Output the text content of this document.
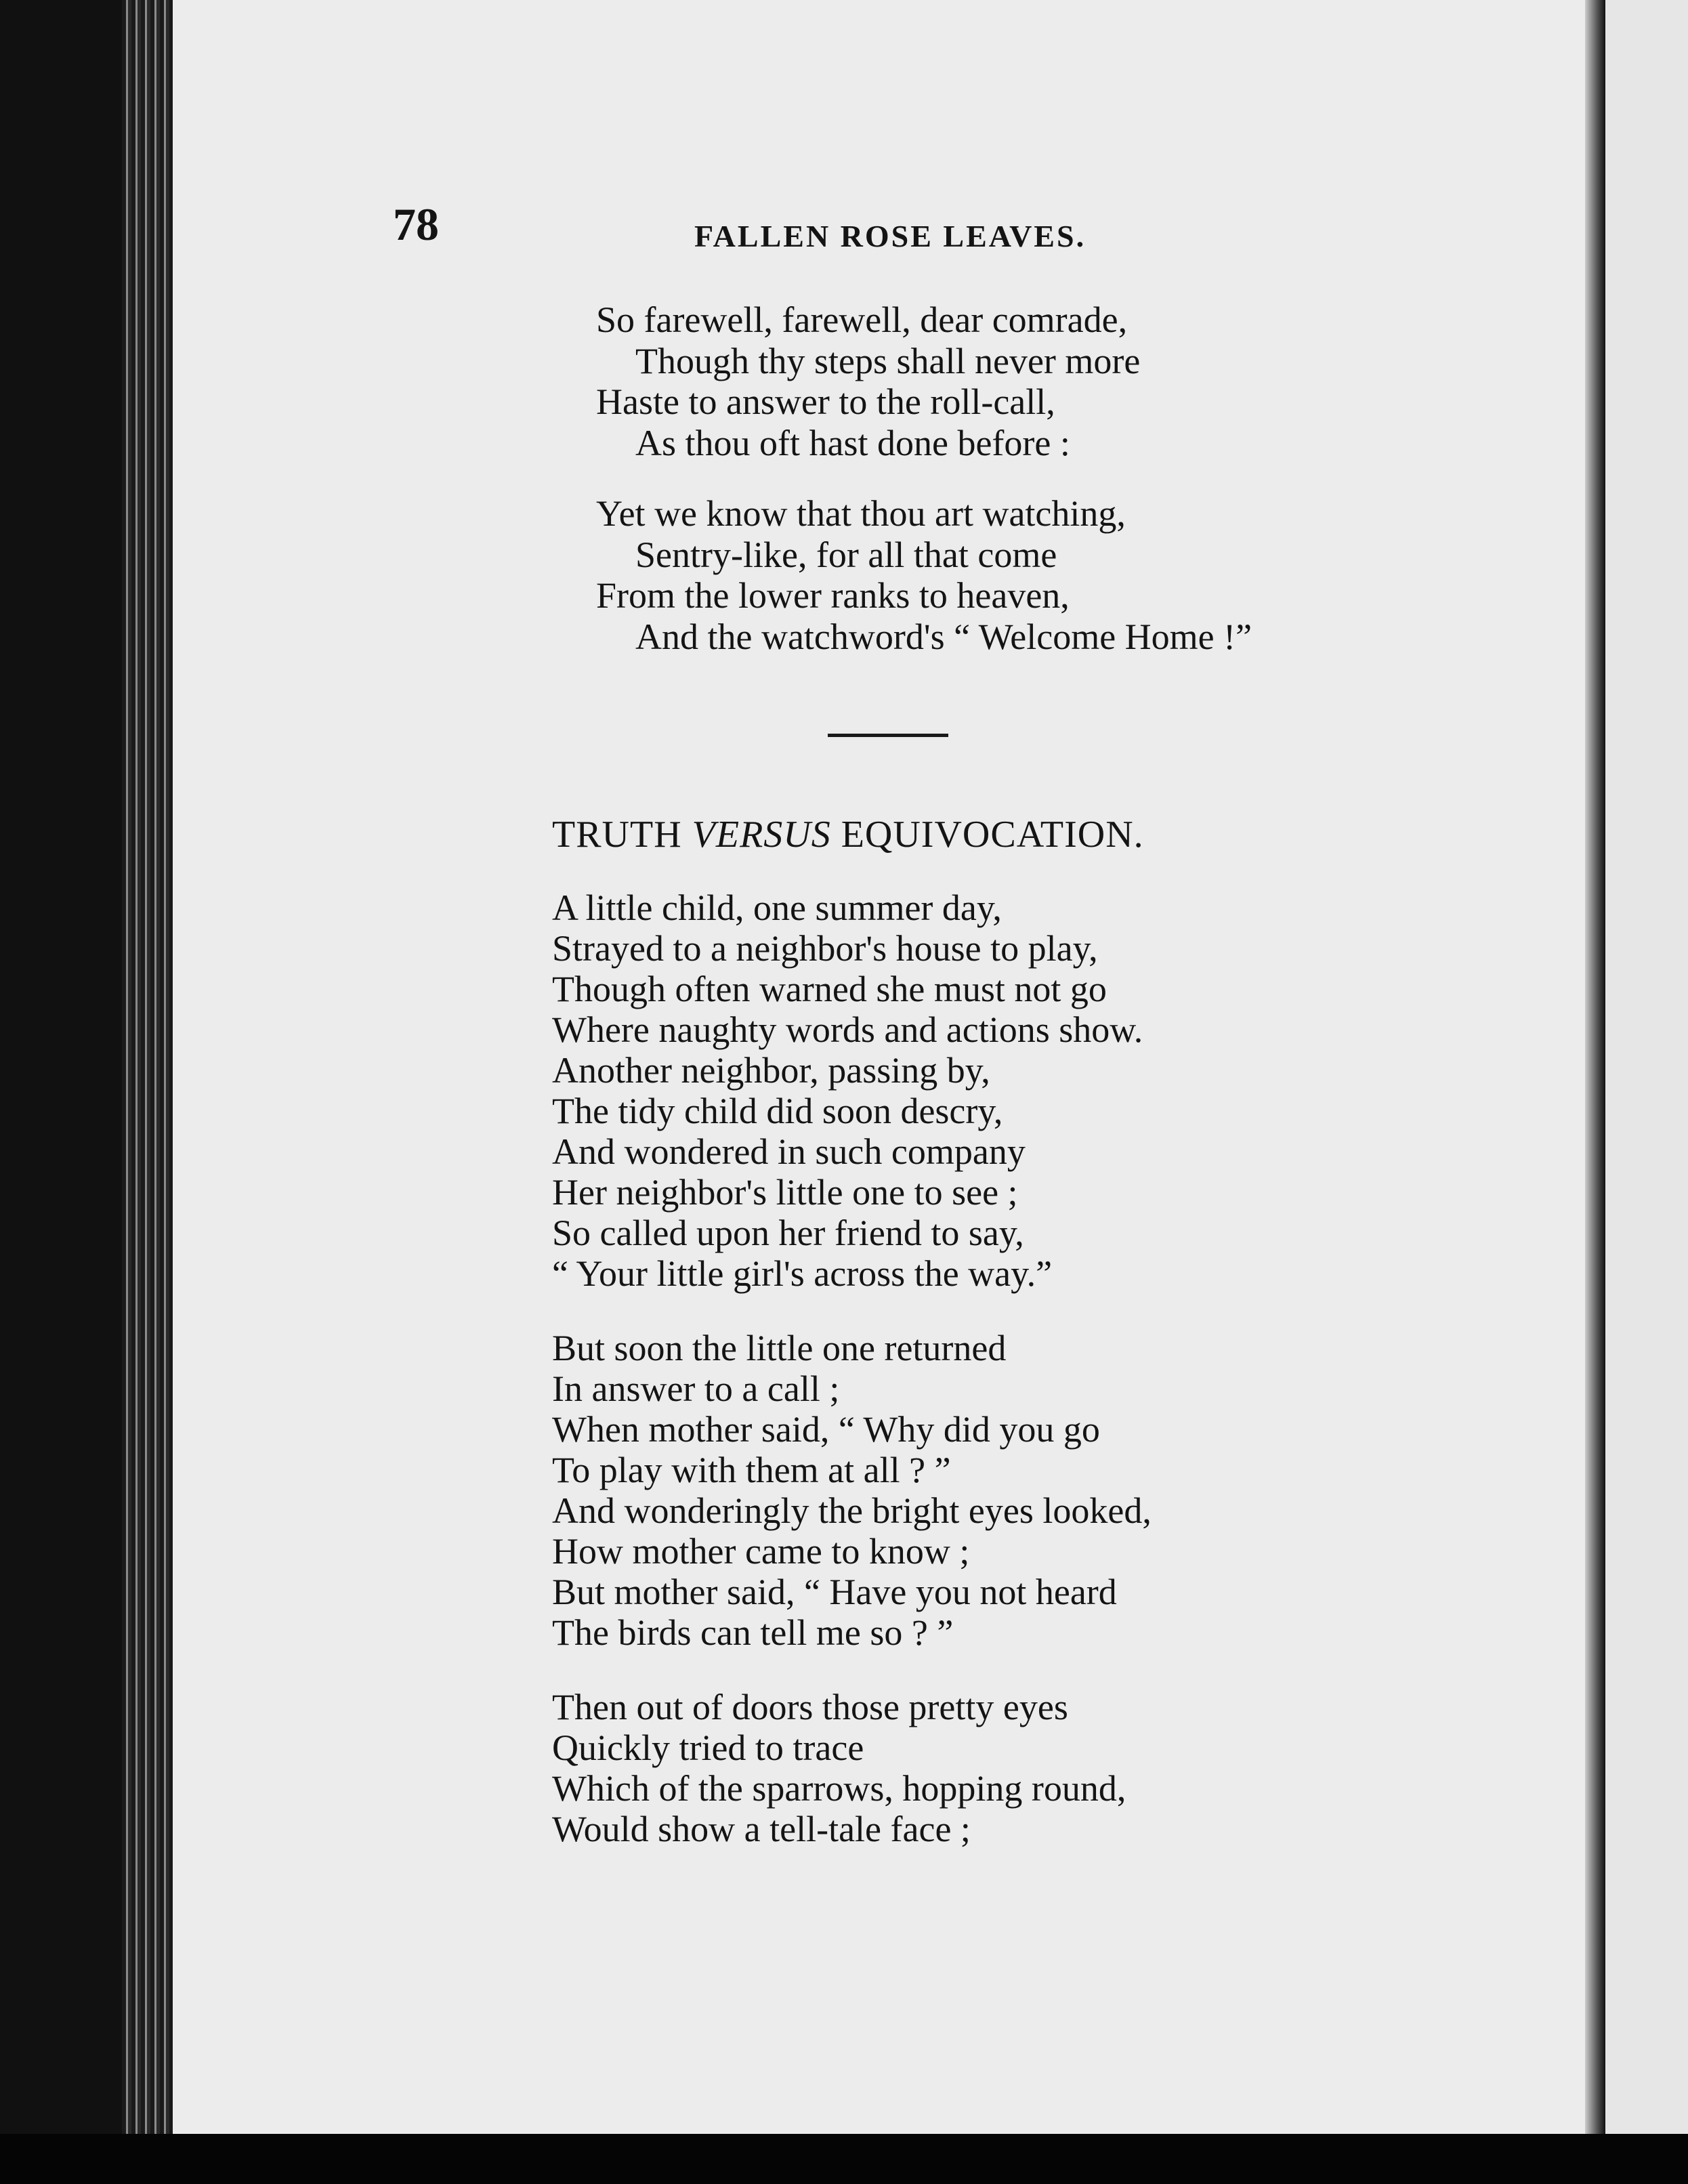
78	FALLEN ROSE LEAVES.
So farewell, farewell, dear comrade,
Though thy steps shall never more
Haste to answer to the roll-call,
As thou oft hast done before :
Yet we know that thou art watching,
Sentry-like, for all that come
From the lower ranks to heaven,
And the watchword's “ Welcome Home !”
TRUTH VERSUS EQUIVOCATION.
A little child, one summer day,
Strayed to a neighbor's house to play,
Though often warned she must not go
Where naughty words and actions show.
Another neighbor, passing by,
The tidy child did soon descry,
And wondered in such company
Her neighbor's little one to see ;
So called upon her friend to say,
“ Your little girl's across the way.”
But soon the little one returned
In answer to a call ;
When mother said, “ Why did you go
To play with them at all ? ”
And wonderingly the bright eyes looked,
How mother came to know ;
But mother said, “ Have you not heard
The birds can tell me so ? ”
Then out of doors those pretty eyes
Quickly tried to trace
Which of the sparrows, hopping round,
Would show a tell-tale face ;
